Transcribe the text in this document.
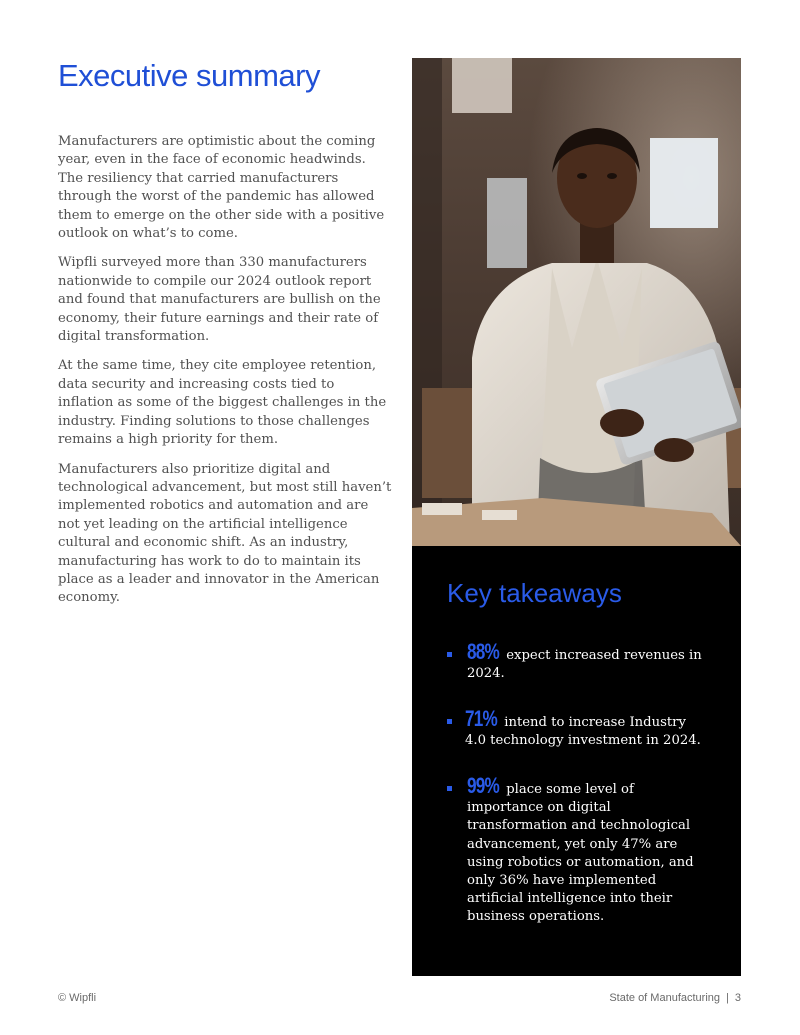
Executive summary

Manufacturers are optimistic about the coming year, even in the face of economic headwinds. The resiliency that carried manufacturers through the worst of the pandemic has allowed them to emerge on the other side with a positive outlook on what’s to come.

Wipfli surveyed more than 330 manufacturers nationwide to compile our 2024 outlook report and found that manufacturers are bullish on the economy, their future earnings and their rate of digital transformation.

At the same time, they cite employee retention, data security and increasing costs tied to inflation as some of the biggest challenges in the industry. Finding solutions to those challenges remains a high priority for them.

Manufacturers also prioritize digital and technological advancement, but most still haven’t implemented robotics and automation and are not yet leading on the artificial intelligence cultural and economic shift. As an industry, manufacturing has work to do to maintain its place as a leader and innovator in the American economy.	Key takeaways
88% expect increased revenues in 2024.
71% intend to increase Industry 4.0 technology investment in 2024.
99% place some level of importance on digital transformation and technological advancement, yet only 47% are using robotics or automation, and only 36% have implemented artificial intelligence into their business operations.
© Wipfli	State of Manufacturing | 3
